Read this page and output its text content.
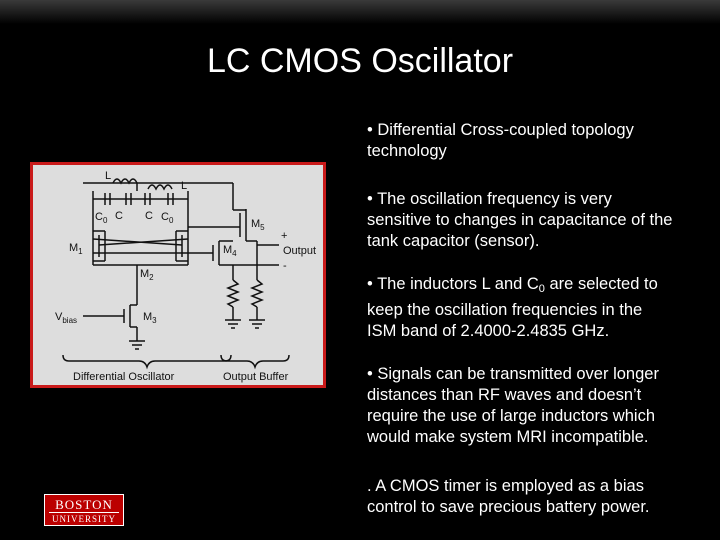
LC CMOS Oscillator
L
L
$C_0$ C C $C_0$
$M_1$
$M_2$
$M_3$
$M_4$
$M_5$
+
Output
-
$V_{bias}$
Differential Oscillator	Output Buffer
• Differential Cross-coupled topology
technology
• The oscillation frequency is very
sensitive to changes in capacitance of the
tank capacitor (sensor).
• The inductors L and $C_0$ are selected to
keep the oscillation frequencies in the
ISM band of 2.4000-2.4835 GHz.
• Signals can be transmitted over longer
distances than RF waves and doesn’t
require the use of large inductors which
would make system MRI incompatible.
. A CMOS timer is employed as a bias
control to save precious battery power.
BOSTON
UNIVERSITY
